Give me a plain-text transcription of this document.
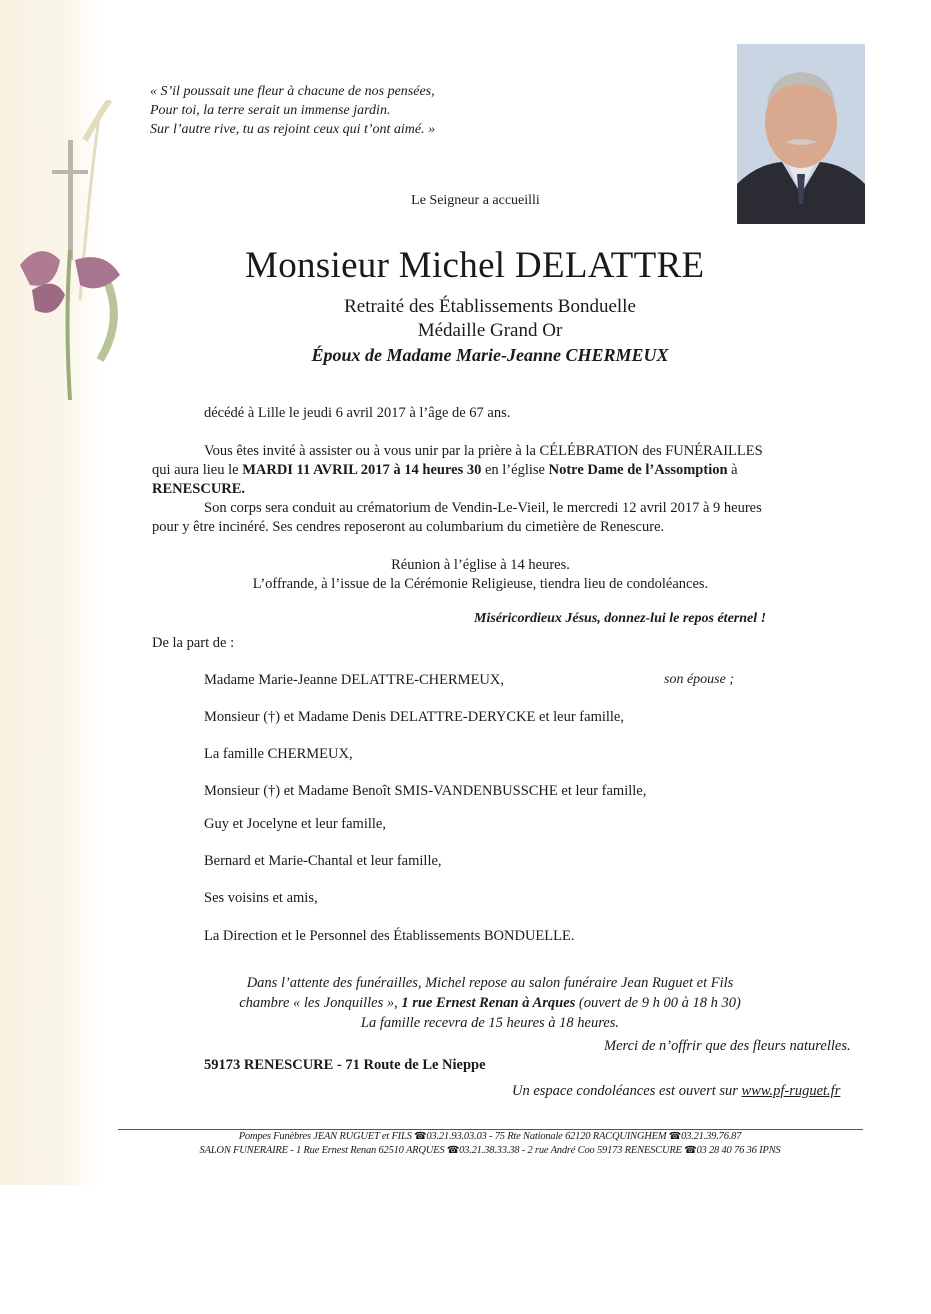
« S’il poussait une fleur à chacune de nos pensées,
Pour toi, la terre serait un immense jardin.
Sur l’autre rive, tu as rejoint ceux qui t’ont aimé. »
Le Seigneur a accueilli
Monsieur Michel DELATTRE
Retraité des Établissements Bonduelle
Médaille Grand Or
Époux de Madame Marie-Jeanne CHERMEUX
décédé à Lille le jeudi 6 avril 2017 à l’âge de 67 ans.
Vous êtes invité à assister ou à vous unir par la prière à la CÉLÉBRATION des FUNÉRAILLES
qui aura lieu le MARDI 11 AVRIL 2017 à 14 heures 30 en l’église Notre Dame de l’Assomption à
RENESCURE.
Son corps sera conduit au crématorium de Vendin-Le-Vieil, le mercredi 12 avril 2017 à 9 heures
pour y être incinéré. Ses cendres reposeront au columbarium du cimetière de Renescure.
Réunion à l’église à 14 heures.
L’offrande, à l’issue de la Cérémonie Religieuse, tiendra lieu de condoléances.
Miséricordieux Jésus, donnez-lui le repos éternel !
De la part de :
Madame Marie-Jeanne DELATTRE-CHERMEUX,	son épouse ;
Monsieur (†) et Madame Denis DELATTRE-DERYCKE et leur famille,
La famille CHERMEUX,
Monsieur (†) et Madame Benoît SMIS-VANDENBUSSCHE et leur famille,
Guy et Jocelyne et leur famille,
Bernard et Marie-Chantal et leur famille,
Ses voisins et amis,
La Direction et le Personnel des Établissements BONDUELLE.
Dans l’attente des funérailles, Michel repose au salon funéraire Jean Ruguet et Fils
chambre « les Jonquilles », 1 rue Ernest Renan à Arques (ouvert de 9 h 00 à 18 h 30)
La famille recevra de 15 heures à 18 heures.
Merci de n’offrir que des fleurs naturelles.
59173 RENESCURE - 71 Route de Le Nieppe
Un espace condoléances est ouvert sur www.pf-ruguet.fr
Pompes Funèbres JEAN RUGUET et FILS ☎03.21.93.03.03 - 75 Rte Nationale 62120 RACQUINGHEM ☎03.21.39.76.87
SALON FUNERAIRE - 1 Rue Ernest Renan 62510 ARQUES ☎03.21.38.33.38 - 2 rue André Coo 59173 RENESCURE ☎03 28 40 76 36 IPNS
